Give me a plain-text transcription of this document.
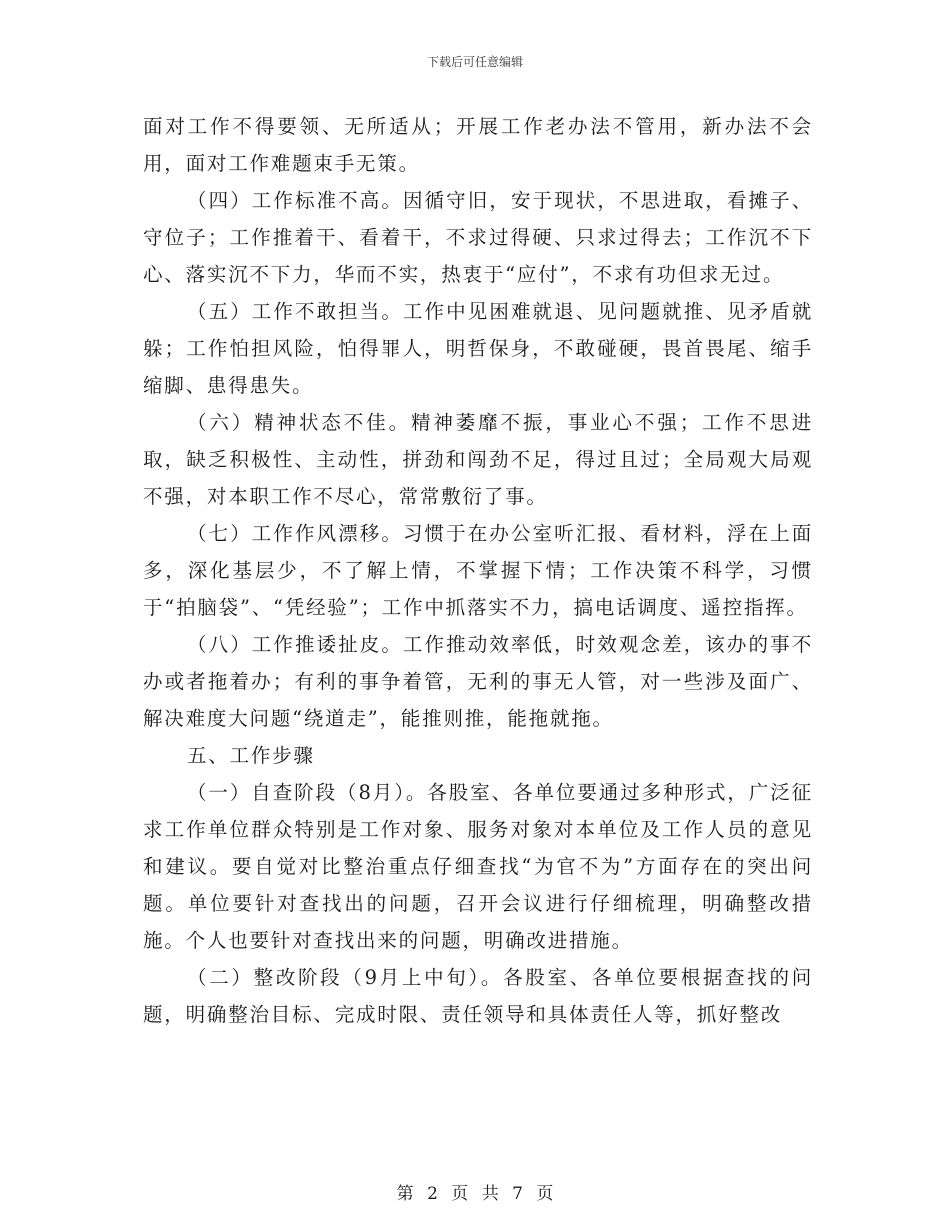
下载后可任意编辑

面对工作不得要领、无所适从；开展工作老办法不管用，新办法不会用，面对工作难题束手无策。

（四）工作标准不高。因循守旧，安于现状，不思进取，看摊子、守位子；工作推着干、看着干，不求过得硬、只求过得去；工作沉不下心、落实沉不下力，华而不实，热衷于“应付”，不求有功但求无过。

（五）工作不敢担当。工作中见困难就退、见问题就推、见矛盾就躲；工作怕担风险，怕得罪人，明哲保身，不敢碰硬，畏首畏尾、缩手缩脚、患得患失。

（六）精神状态不佳。精神萎靡不振，事业心不强；工作不思进取，缺乏积极性、主动性，拼劲和闯劲不足，得过且过；全局观大局观不强，对本职工作不尽心，常常敷衍了事。

（七）工作作风漂移。习惯于在办公室听汇报、看材料，浮在上面多，深化基层少，不了解上情，不掌握下情；工作决策不科学，习惯于“拍脑袋”、“凭经验”；工作中抓落实不力，搞电话调度、遥控指挥。

（八）工作推诿扯皮。工作推动效率低，时效观念差，该办的事不办或者拖着办；有利的事争着管，无利的事无人管，对一些涉及面广、解决难度大问题“绕道走”，能推则推，能拖就拖。

五、工作步骤

（一）自查阶段（8月）。各股室、各单位要通过多种形式，广泛征求工作单位群众特别是工作对象、服务对象对本单位及工作人员的意见和建议。要自觉对比整治重点仔细查找“为官不为”方面存在的突出问题。单位要针对查找出的问题，召开会议进行仔细梳理，明确整改措施。个人也要针对查找出来的问题，明确改进措施。

（二）整改阶段（9月上中旬）。各股室、各单位要根据查找的问题，明确整治目标、完成时限、责任领导和具体责任人等，抓好整改

第 2 页 共 7 页
